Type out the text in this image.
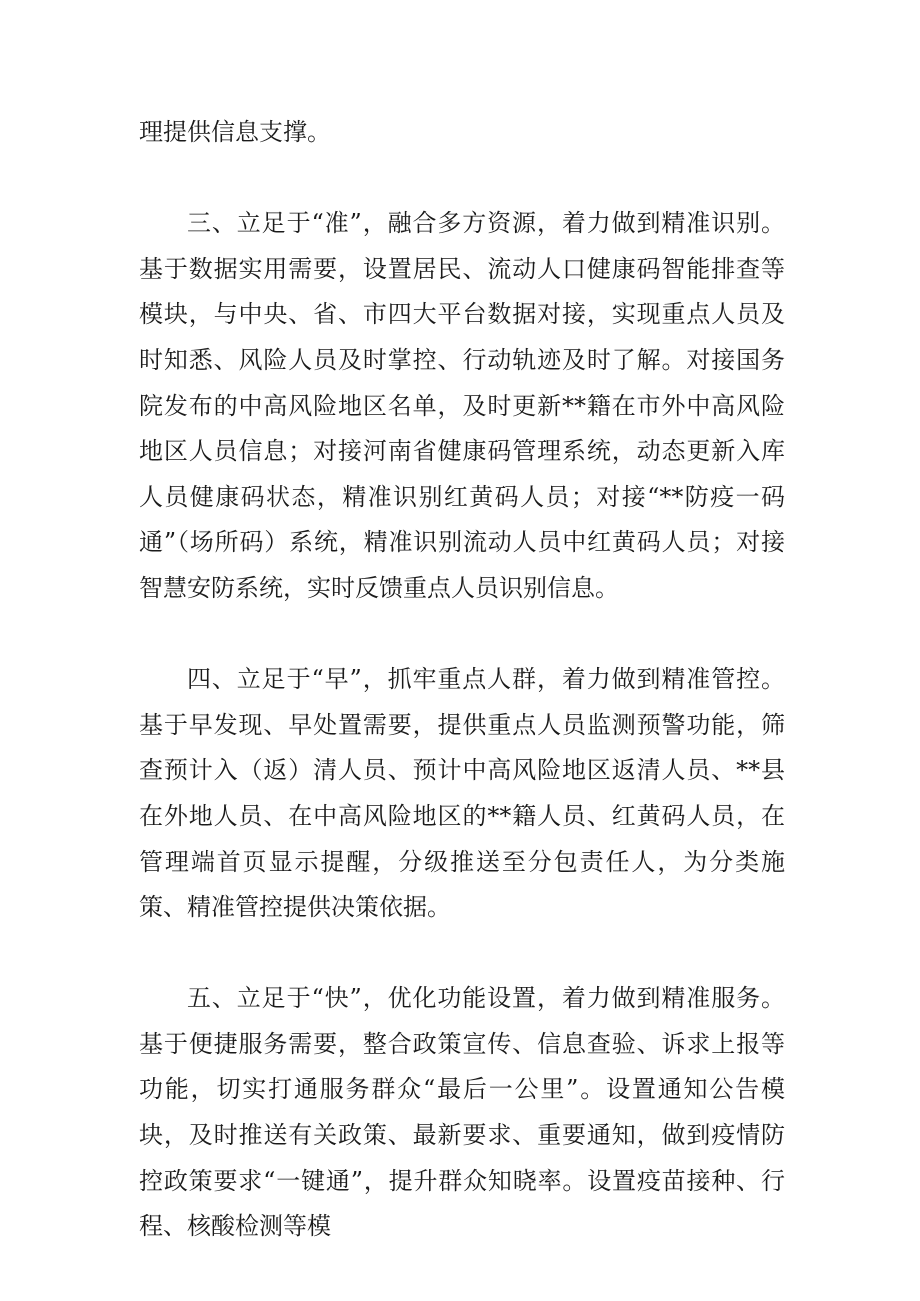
理提供信息支撑。

三、立足于“准”，融合多方资源，着力做到精准识别。基于数据实用需要，设置居民、流动人口健康码智能排查等模块，与中央、省、市四大平台数据对接，实现重点人员及时知悉、风险人员及时掌控、行动轨迹及时了解。对接国务院发布的中高风险地区名单，及时更新**籍在市外中高风险地区人员信息；对接河南省健康码管理系统，动态更新入库人员健康码状态，精准识别红黄码人员；对接“**防疫一码通”（场所码）系统，精准识别流动人员中红黄码人员；对接智慧安防系统，实时反馈重点人员识别信息。

四、立足于“早”，抓牢重点人群，着力做到精准管控。基于早发现、早处置需要，提供重点人员监测预警功能，筛查预计入（返）清人员、预计中高风险地区返清人员、**县在外地人员、在中高风险地区的**籍人员、红黄码人员，在管理端首页显示提醒，分级推送至分包责任人，为分类施策、精准管控提供决策依据。

五、立足于“快”，优化功能设置，着力做到精准服务。基于便捷服务需要，整合政策宣传、信息查验、诉求上报等功能，切实打通服务群众“最后一公里”。设置通知公告模块，及时推送有关政策、最新要求、重要通知，做到疫情防控政策要求“一键通”，提升群众知晓率。设置疫苗接种、行程、核酸检测等模
